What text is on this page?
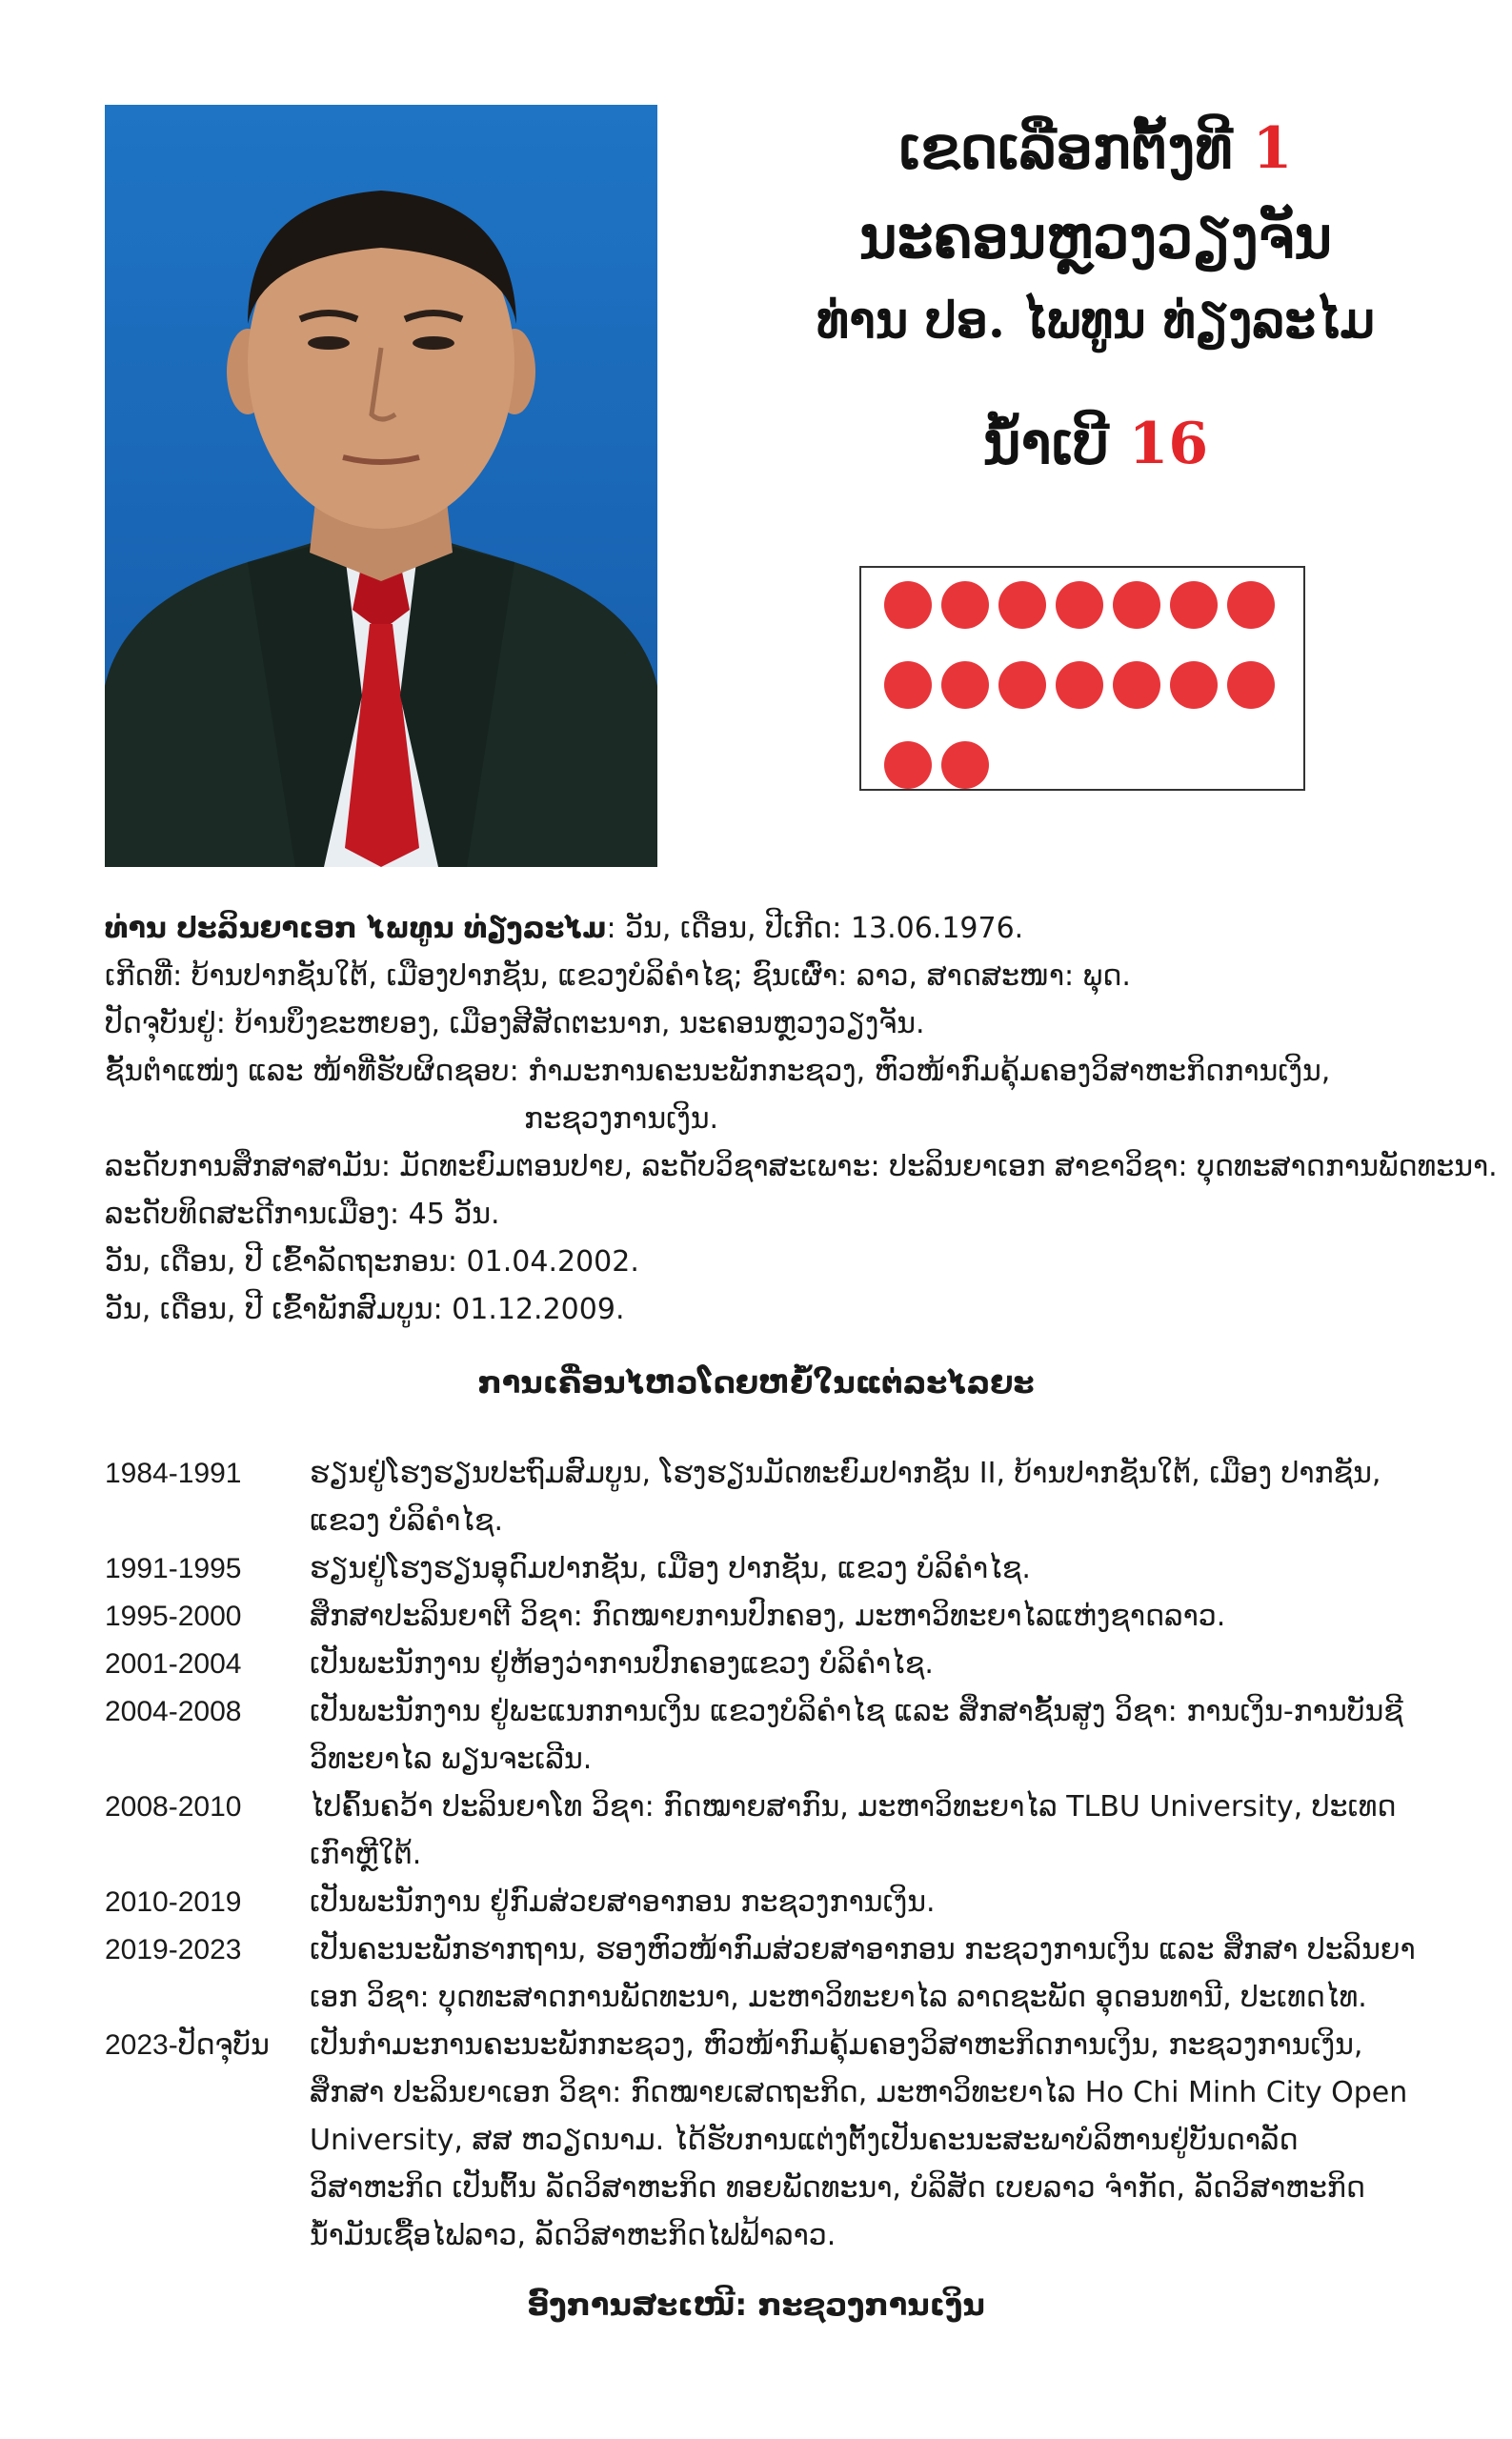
ເຂດເລືອກຕັ້ງທີ 1
ນະຄອນຫຼວງວຽງຈັນ
ທ່ານ ປອ. ໄພທູນ ທ່ຽງລະໄມ
ນໍ້າເບີ 16
ທ່ານ ປະລິນຍາເອກ ໄພທູນ ທ່ຽງລະໄມ: ວັນ, ເດືອນ, ປີເກີດ: 13.06.1976.
ເກີດທີ່: ບ້ານປາກຊັນໃຕ້, ເມືອງປາກຊັນ, ແຂວງບໍລິຄໍາໄຊ; ຊົນເຜົ່າ: ລາວ, ສາດສະໜາ: ພຸດ.
ປັດຈຸບັນຢູ່: ບ້ານບຶງຂະຫຍອງ, ເມືອງສີສັດຕະນາກ, ນະຄອນຫຼວງວຽງຈັນ.
ຊັ້ນຕໍາແໜ່ງ ແລະ ໜ້າທີ່ຮັບຜິດຊອບ: ກໍາມະການຄະນະພັກກະຊວງ, ຫົວໜ້າກົມຄຸ້ມຄອງວິສາຫະກິດການເງິນ,
ກະຊວງການເງິນ.
ລະດັບການສຶກສາສາມັນ: ມັດທະຍົມຕອນປາຍ, ລະດັບວິຊາສະເພາະ: ປະລິນຍາເອກ ສາຂາວິຊາ: ບຸດທະສາດການພັດທະນາ.
ລະດັບທິດສະດີການເມືອງ: 45 ວັນ.
ວັນ, ເດືອນ, ປີ ເຂົ້າລັດຖະກອນ: 01.04.2002.
ວັນ, ເດືອນ, ປີ ເຂົ້າພັກສົມບູນ: 01.12.2009.
ການເຄື່ອນໄຫວໂດຍຫຍໍ້ໃນແຕ່ລະໄລຍະ
1984-1991	ຮຽນຢູ່ໂຮງຮຽນປະຖົມສົມບູນ, ໂຮງຮຽນມັດທະຍົມປາກຊັນ II, ບ້ານປາກຊັນໃຕ້, ເມືອງ ປາກຊັນ, ແຂວງ ບໍລິຄໍາໄຊ.
1991-1995	ຮຽນຢູ່ໂຮງຮຽນອຸດົມປາກຊັນ, ເມືອງ ປາກຊັນ, ແຂວງ ບໍລິຄໍາໄຊ.
1995-2000	ສຶກສາປະລິນຍາຕີ ວິຊາ: ກົດໝາຍການປົກຄອງ, ມະຫາວິທະຍາໄລແຫ່ງຊາດລາວ.
2001-2004	ເປັນພະນັກງານ ຢູ່ຫ້ອງວ່າການປົກຄອງແຂວງ ບໍລິຄໍາໄຊ.
2004-2008	ເປັນພະນັກງານ ຢູ່ພະແນກການເງິນ ແຂວງບໍລິຄໍາໄຊ ແລະ ສຶກສາຊັ້ນສູງ ວິຊາ: ການເງິນ-ການບັນຊີ ວິທະຍາໄລ ພຽນຈະເລີນ.
2008-2010	ໄປຄົ້ນຄວ້າ ປະລິນຍາໂທ ວິຊາ: ກົດໝາຍສາກົນ, ມະຫາວິທະຍາໄລ TLBU University, ປະເທດ ເກົາຫຼີໃຕ້.
2010-2019	ເປັນພະນັກງານ ຢູ່ກົມສ່ວຍສາອາກອນ ກະຊວງການເງິນ.
2019-2023	ເປັນຄະນະພັກຮາກຖານ, ຮອງຫົວໜ້າກົມສ່ວຍສາອາກອນ ກະຊວງການເງິນ ແລະ ສຶກສາ ປະລິນຍາ ເອກ ວິຊາ: ບຸດທະສາດການພັດທະນາ, ມະຫາວິທະຍາໄລ ລາດຊະພັດ ອຸດອນທານີ, ປະເທດໄທ.
2023-ປັດຈຸບັນ	ເປັນກໍາມະການຄະນະພັກກະຊວງ, ຫົວໜ້າກົມຄຸ້ມຄອງວິສາຫະກິດການເງິນ, ກະຊວງການເງິນ, ສຶກສາ ປະລິນຍາເອກ ວິຊາ: ກົດໝາຍເສດຖະກິດ, ມະຫາວິທະຍາໄລ Ho Chi Minh City Open University, ສສ ຫວຽດນາມ. ໄດ້ຮັບການແຕ່ງຕັ້ງເປັນຄະນະສະພາບໍລິຫານຢູ່ບັນດາລັດວິສາຫະກິດ ເປັນຕົ້ນ ລັດວິສາຫະກິດ ທອຍພັດທະນາ, ບໍລິສັດ ເບຍລາວ ຈໍາກັດ, ລັດວິສາຫະກິດນໍ້າມັນເຊື້ອໄຟລາວ, ລັດວິສາຫະກິດໄຟຟ້າລາວ.
ອົງການສະເໜີ: ກະຊວງການເງິນ
